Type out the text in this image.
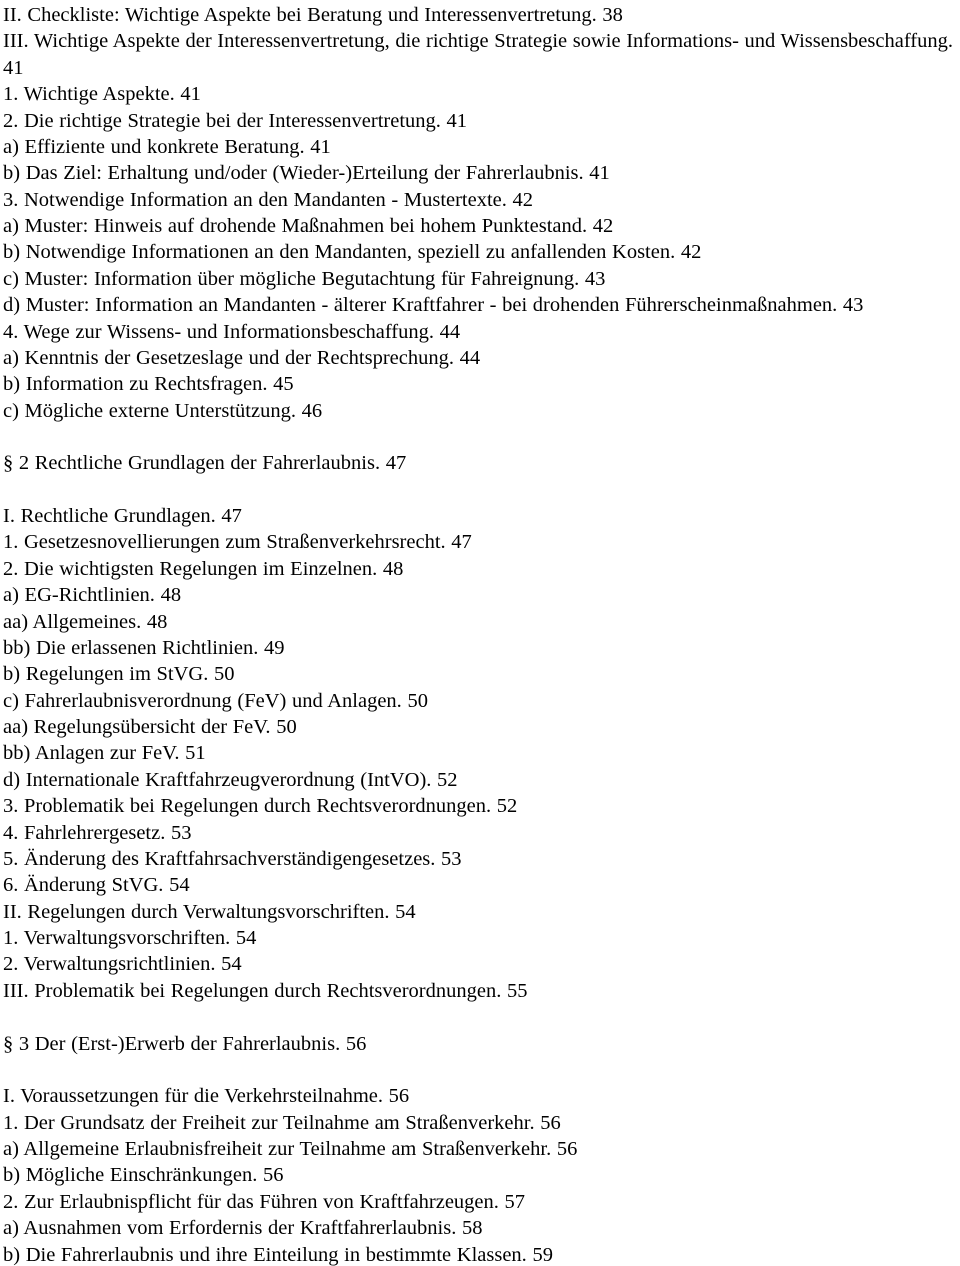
II. Checkliste: Wichtige Aspekte bei Beratung und Interessenvertretung. 38
III. Wichtige Aspekte der Interessenvertretung, die richtige Strategie sowie Informations- und Wissensbeschaffung. 41
1. Wichtige Aspekte. 41
2. Die richtige Strategie bei der Interessenvertretung. 41
a) Effiziente und konkrete Beratung. 41
b) Das Ziel: Erhaltung und/oder (Wieder-)Erteilung der Fahrerlaubnis. 41
3. Notwendige Information an den Mandanten - Mustertexte. 42
a) Muster: Hinweis auf drohende Maßnahmen bei hohem Punktestand. 42
b) Notwendige Informationen an den Mandanten, speziell zu anfallenden Kosten. 42
c) Muster: Information über mögliche Begutachtung für Fahreignung. 43
d) Muster: Information an Mandanten - älterer Kraftfahrer - bei drohenden Führerscheinmaßnahmen. 43
4. Wege zur Wissens- und Informationsbeschaffung. 44
a) Kenntnis der Gesetzeslage und der Rechtsprechung. 44
b) Information zu Rechtsfragen. 45
c) Mögliche externe Unterstützung. 46
§ 2 Rechtliche Grundlagen der Fahrerlaubnis. 47
I. Rechtliche Grundlagen. 47
1. Gesetzesnovellierungen zum Straßenverkehrsrecht. 47
2. Die wichtigsten Regelungen im Einzelnen. 48
a) EG-Richtlinien. 48
aa) Allgemeines. 48
bb) Die erlassenen Richtlinien. 49
b) Regelungen im StVG. 50
c) Fahrerlaubnisverordnung (FeV) und Anlagen. 50
aa) Regelungsübersicht der FeV. 50
bb) Anlagen zur FeV. 51
d) Internationale Kraftfahrzeugverordnung (IntVO). 52
3. Problematik bei Regelungen durch Rechtsverordnungen. 52
4. Fahrlehrergesetz. 53
5. Änderung des Kraftfahrsachverständigengesetzes. 53
6. Änderung StVG. 54
II. Regelungen durch Verwaltungsvorschriften. 54
1. Verwaltungsvorschriften. 54
2. Verwaltungsrichtlinien. 54
III. Problematik bei Regelungen durch Rechtsverordnungen. 55
§ 3 Der (Erst-)Erwerb der Fahrerlaubnis. 56
I. Voraussetzungen für die Verkehrsteilnahme. 56
1. Der Grundsatz der Freiheit zur Teilnahme am Straßenverkehr. 56
a) Allgemeine Erlaubnisfreiheit zur Teilnahme am Straßenverkehr. 56
b) Mögliche Einschränkungen. 56
2. Zur Erlaubnispflicht für das Führen von Kraftfahrzeugen. 57
a) Ausnahmen vom Erfordernis der Kraftfahrerlaubnis. 58
b) Die Fahrerlaubnis und ihre Einteilung in bestimmte Klassen. 59
